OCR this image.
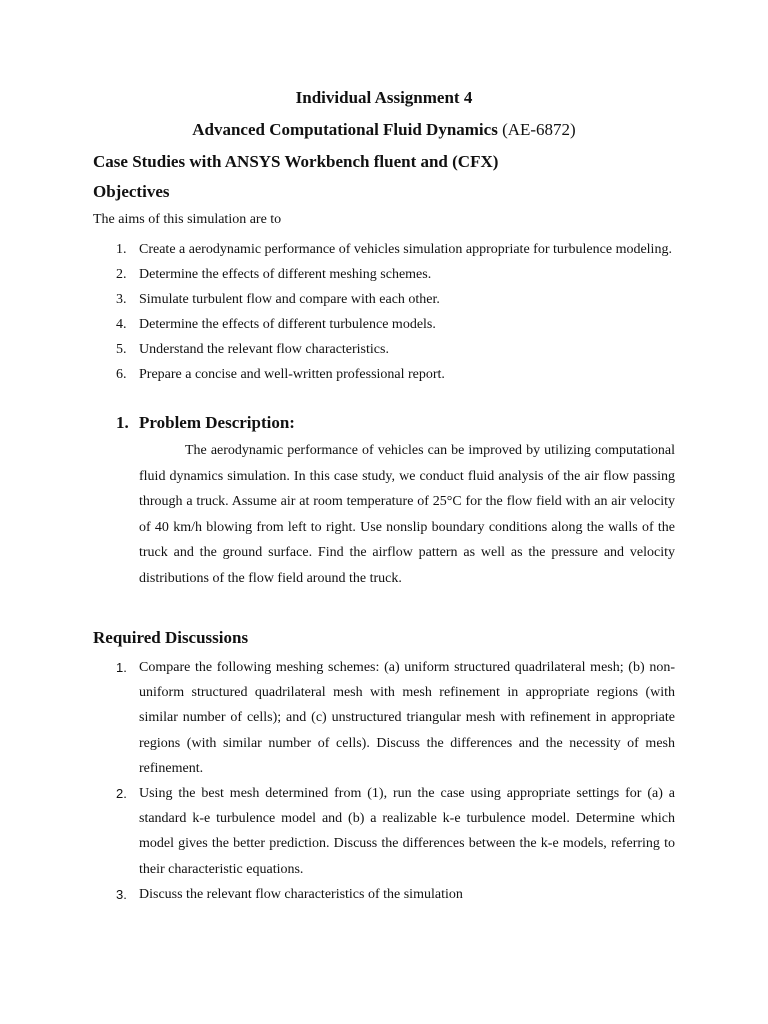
Individual Assignment 4
Advanced Computational Fluid Dynamics (AE-6872)
Case Studies with ANSYS Workbench fluent and (CFX)
Objectives
The aims of this simulation are to
1. Create a aerodynamic performance of vehicles simulation appropriate for turbulence modeling.
2. Determine the effects of different meshing schemes.
3. Simulate turbulent flow and compare with each other.
4. Determine the effects of different turbulence models.
5. Understand the relevant flow characteristics.
6. Prepare a concise and well-written professional report.
1. Problem Description:

The aerodynamic performance of vehicles can be improved by utilizing computational fluid dynamics simulation. In this case study, we conduct fluid analysis of the air flow passing through a truck. Assume air at room temperature of 25°C for the flow field with an air velocity of 40 km/h blowing from left to right. Use nonslip boundary conditions along the walls of the truck and the ground surface. Find the airflow pattern as well as the pressure and velocity distributions of the flow field around the truck.

Required Discussions
1. Compare the following meshing schemes: (a) uniform structured quadrilateral mesh; (b) non-uniform structured quadrilateral mesh with mesh refinement in appropriate regions (with similar number of cells); and (c) unstructured triangular mesh with refinement in appropriate regions (with similar number of cells). Discuss the differences and the necessity of mesh refinement.
2. Using the best mesh determined from (1), run the case using appropriate settings for (a) a standard k-e turbulence model and (b) a realizable k-e turbulence model. Determine which model gives the better prediction. Discuss the differences between the k-e models, referring to their characteristic equations.
3. Discuss the relevant flow characteristics of the simulation
